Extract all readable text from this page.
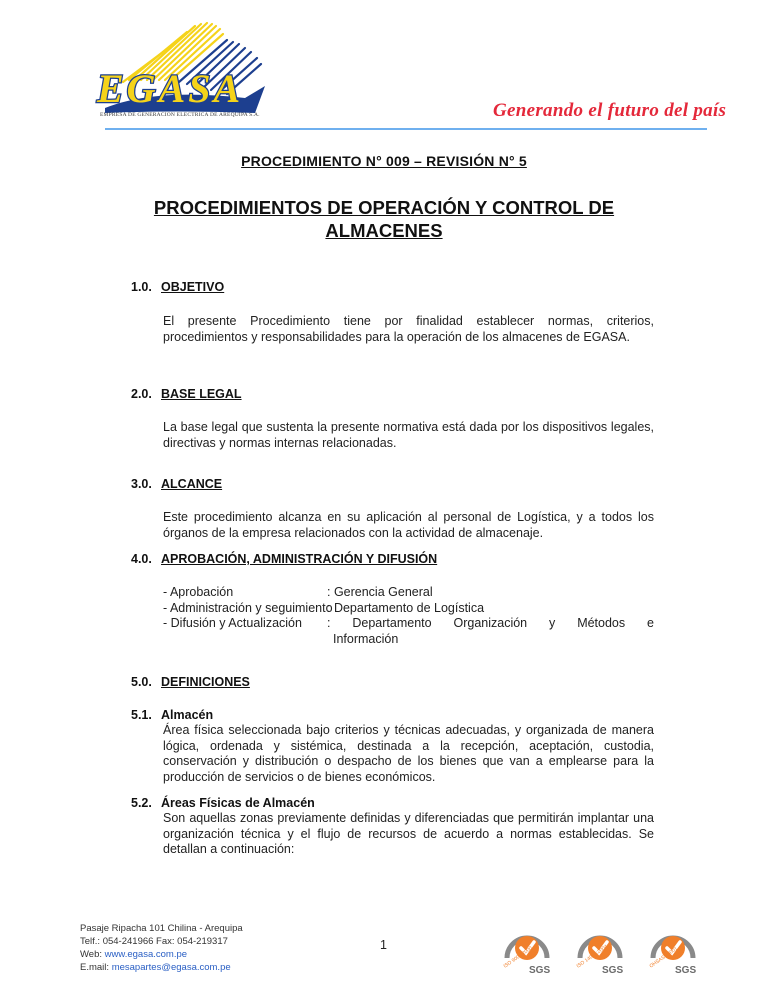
EGASA
EMPRESA DE GENERACION ELECTRICA DE AREQUIPA S.A.	Generando el futuro del país
PROCEDIMIENTO N° 009 – REVISIÓN N° 5
PROCEDIMIENTOS DE OPERACIÓN Y CONTROL DE
ALMACENES
1.0. OBJETIVO
El presente Procedimiento tiene por finalidad establecer normas, criterios, procedimientos y responsabilidades para la operación de los almacenes de EGASA.
2.0. BASE LEGAL
La base legal que sustenta la presente normativa está dada por los dispositivos legales, directivas y normas internas relacionadas.
3.0. ALCANCE
Este procedimiento alcanza en su aplicación al personal de Logística, y a todos los órganos de la empresa relacionados con la actividad de almacenaje.
4.0. APROBACIÓN, ADMINISTRACIÓN Y DIFUSIÓN
- Aprobación	: Gerencia General
- Administración y seguimiento
: Departamento de Logística
- Difusión y Actualización	: Departamento Organización y Métodos e
Información
5.0. DEFINICIONES
5.1. Almacén
Área física seleccionada bajo criterios y técnicas adecuadas, y organizada de manera lógica, ordenada y sistémica, destinada a la recepción, aceptación, custodia, conservación y distribución o despacho de los bienes que van a emplearse para la producción de servicios o de bienes económicos.
5.2. Áreas Físicas de Almacén
Son aquellas zonas previamente definidas y diferenciadas que permitirán implantar una organización técnica y el flujo de recursos de acuerdo a normas establecidas. Se detallan a continuación:
Pasaje Ripacha 101 Chilina - Arequipa
Telf.: 054-241966 Fax: 054-219317
Web: www.egasa.com.pe
E.mail: mesapartes@egasa.com.pe
1
ISO 9001:2000
SGS
ISO 14001:2004
SGS
OHSAS 18001
SGS
